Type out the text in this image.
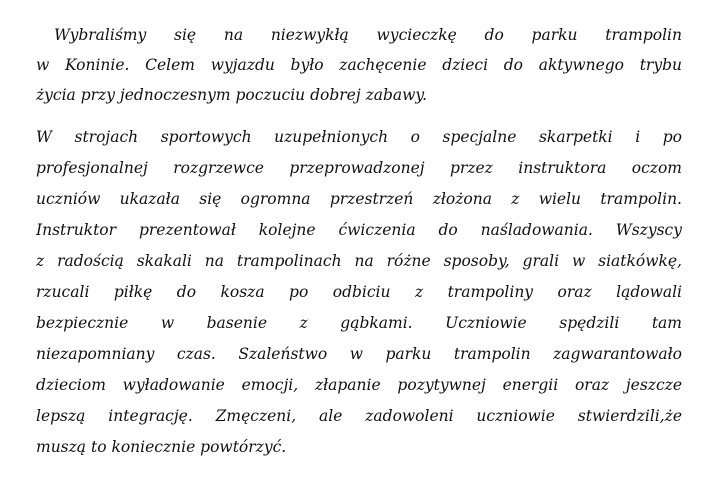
Wybraliśmy się na niezwykłą wycieczkę do parku trampolin
w Koninie. Celem wyjazdu było zachęcenie dzieci do aktywnego trybu
życia przy jednoczesnym poczuciu dobrej zabawy.
W strojach sportowych uzupełnionych o specjalne skarpetki i po
profesjonalnej rozgrzewce przeprowadzonej przez instruktora oczom
uczniów ukazała się ogromna przestrzeń złożona z wielu trampolin.
Instruktor prezentował kolejne ćwiczenia do naśladowania. Wszyscy
z radością skakali na trampolinach na różne sposoby, grali w siatkówkę,
rzucali piłkę do kosza po odbiciu z trampoliny oraz lądowali
bezpiecznie w basenie z gąbkami. Uczniowie spędzili tam
niezapomniany czas. Szaleństwo w parku trampolin zagwarantowało
dzieciom wyładowanie emocji, złapanie pozytywnej energii oraz jeszcze
lepszą integrację. Zmęczeni, ale zadowoleni uczniowie stwierdzili,że
muszą to koniecznie powtórzyć.
